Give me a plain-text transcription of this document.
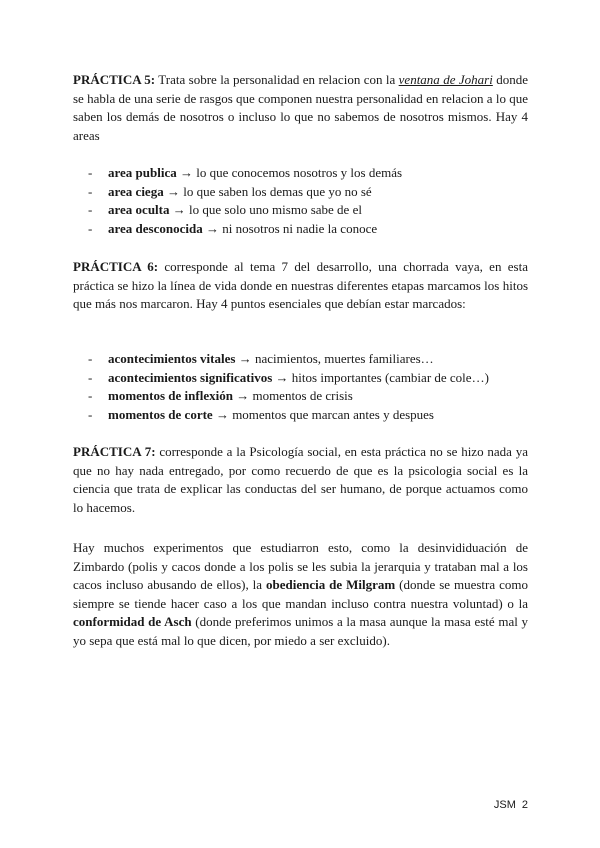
PRÁCTICA 5: Trata sobre la personalidad en relacion con la ventana de Johari donde se habla de una serie de rasgos que componen nuestra personalidad en relacion a lo que saben los demás de nosotros o incluso lo que no sabemos de nosotros mismos. Hay 4 areas

- area publica → lo que conocemos nosotros y los demás
- area ciega → lo que saben los demas que yo no sé
- area oculta → lo que solo uno mismo sabe de el
- area desconocida → ni nosotros ni nadie la conoce

PRÁCTICA 6: corresponde al tema 7 del desarrollo, una chorrada vaya, en esta práctica se hizo la línea de vida donde en nuestras diferentes etapas marcamos los hitos que más nos marcaron. Hay 4 puntos esenciales que debían estar marcados:

- acontecimientos vitales → nacimientos, muertes familiares…
- acontecimientos significativos → hitos importantes (cambiar de cole…)
- momentos de inflexión → momentos de crisis
- momentos de corte → momentos que marcan antes y despues

PRÁCTICA 7: corresponde a la Psicología social, en esta práctica no se hizo nada ya que no hay nada entregado, por como recuerdo de que es la psicologia social es la ciencia que trata de explicar las conductas del ser humano, de porque actuamos como lo hacemos.

Hay muchos experimentos que estudiarron esto, como la desinvididuación de Zimbardo (polis y cacos donde a los polis se les subia la jerarquia y trataban mal a los cacos incluso abusando de ellos), la obediencia de Milgram (donde se muestra como siempre se tiende hacer caso a los que mandan incluso contra nuestra voluntad) o la conformidad de Asch (donde preferimos unimos a la masa aunque la masa esté mal y yo sepa que está mal lo que dicen, por miedo a ser excluido).

JSM 2
